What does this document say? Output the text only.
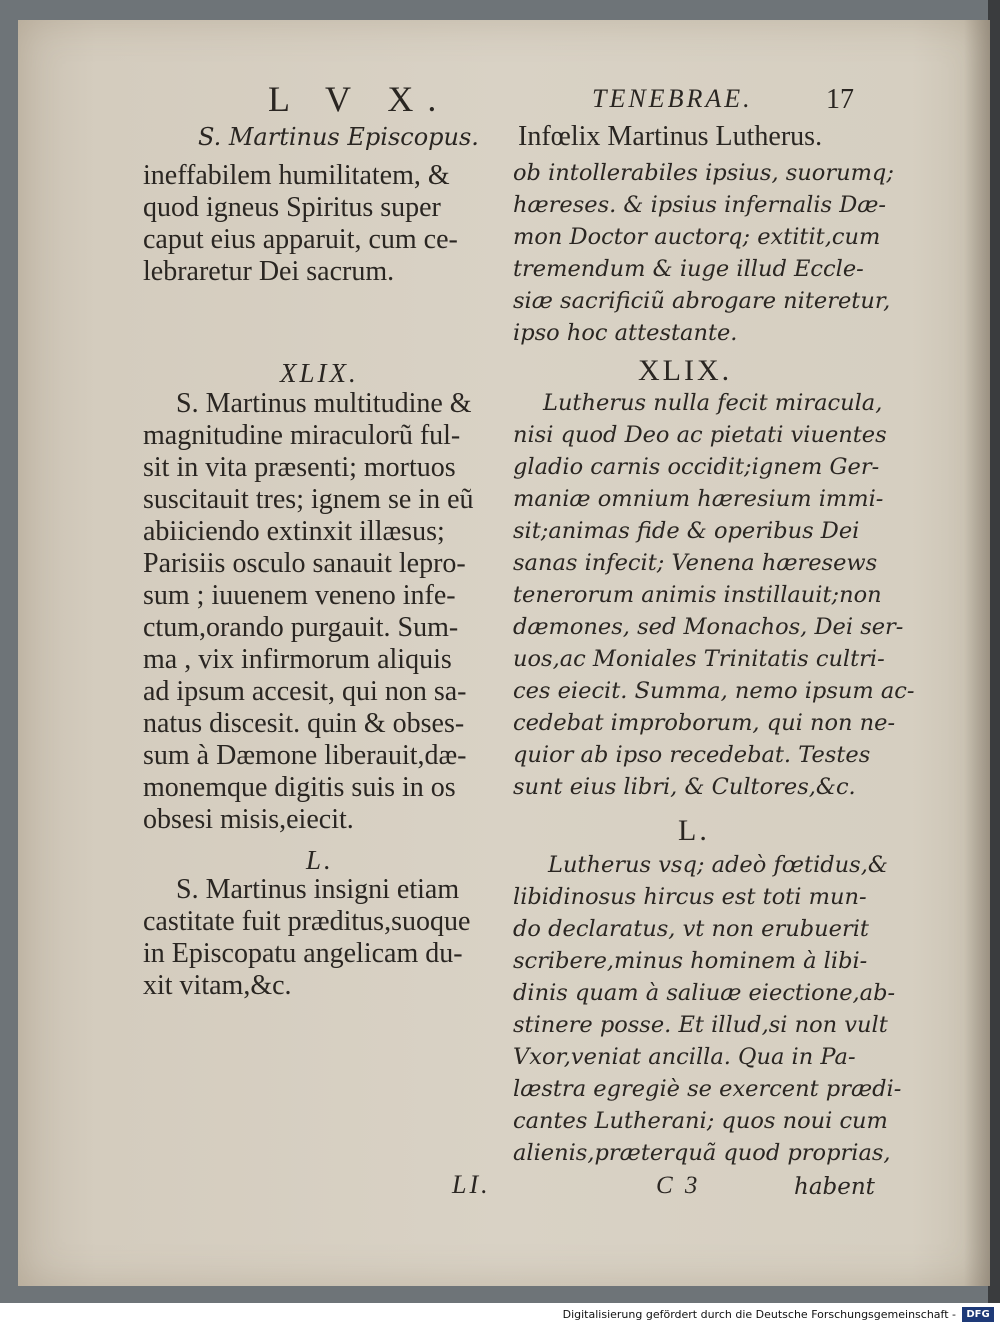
L V X.	TENEBRAE.	17
S. Martinus Episcopus.
ineffabilem humilitatem, &
quod igneus Spiritus super
caput eius apparuit, cum ce-
lebraretur Dei sacrum.
XLIX.
S. Martinus multitudine &
magnitudine miraculorũ ful-
sit in vita præsenti; mortuos
suscitauit tres; ignem se in eũ
abiiciendo extinxit illæsus;
Parisiis osculo sanauit lepro-
sum ; iuuenem veneno infe-
ctum,orando purgauit. Sum-
ma , vix infirmorum aliquis
ad ipsum accesit, qui non sa-
natus discesit. quin & obses-
sum à Dæmone liberauit,dæ-
monemque digitis suis in os
obsesi misis,eiecit.
L.
S. Martinus insigni etiam
castitate fuit præditus,suoque
in Episcopatu angelicam du-
xit vitam,&c.
LI.
Infœlix Martinus Lutherus.
ob intollerabiles ipsius, suorumq;
hæreses. & ipsius infernalis Dæ-
mon Doctor auctorq; extitit,cum
tremendum & iuge illud Eccle-
siæ sacrificiũ abrogare niteretur,
ipso hoc attestante.
XLIX.
Lutherus nulla fecit miracula,
nisi quod Deo ac pietati viuentes
gladio carnis occidit;ignem Ger-
maniæ omnium hæresium immi-
sit;animas fide & operibus Dei
sanas infecit; Venena hæresews
tenerorum animis instillauit;non
dæmones, sed Monachos, Dei ser-
uos,ac Moniales Trinitatis cultri-
ces eiecit. Summa, nemo ipsum ac-
cedebat improborum, qui non ne-
quior ab ipso recedebat. Testes
sunt eius libri, & Cultores,&c.
L.
Lutherus vsq; adeò fœtidus,&
libidinosus hircus est toti mun-
do declaratus, vt non erubuerit
scribere,minus hominem à libi-
dinis quam à saliuæ eiectione,ab-
stinere posse. Et illud,si non vult
Vxor,veniat ancilla. Qua in Pa-
læstra egregiè se exercent prædi-
cantes Lutherani; quos noui cum
alienis,præterquã quod proprias,
C 3	habent
Digitalisierung gefördert durch die Deutsche Forschungsgemeinschaft -	DFG
